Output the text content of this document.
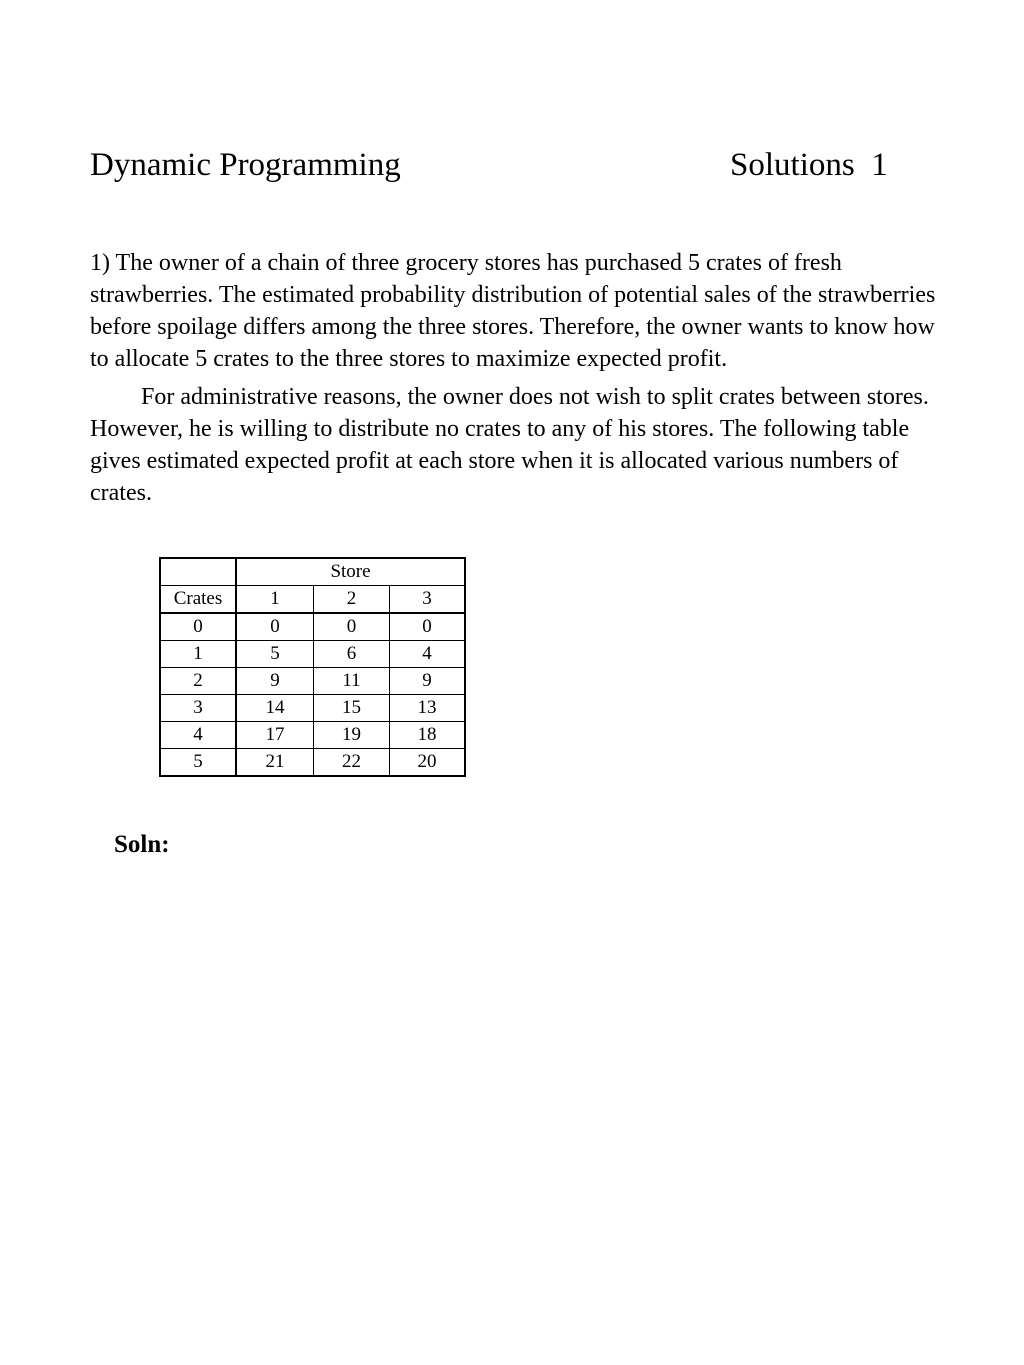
Dynamic Programming	Solutions  1

1) The owner of a chain of three grocery stores has purchased 5 crates of fresh strawberries. The estimated probability distribution of potential sales of the strawberries before spoilage differs among the three stores. Therefore, the owner wants to know how to allocate 5 crates to the three stores to maximize expected profit.

For administrative reasons, the owner does not wish to split crates between stores. However, he is willing to distribute no crates to any of his stores. The following table gives estimated expected profit at each store when it is allocated various numbers of crates.

	Store		
Crates	1	2	3
0	0	0	0
1	5	6	4
2	9	11	9
3	14	15	13
4	17	19	18
5	21	22	20
Soln:
